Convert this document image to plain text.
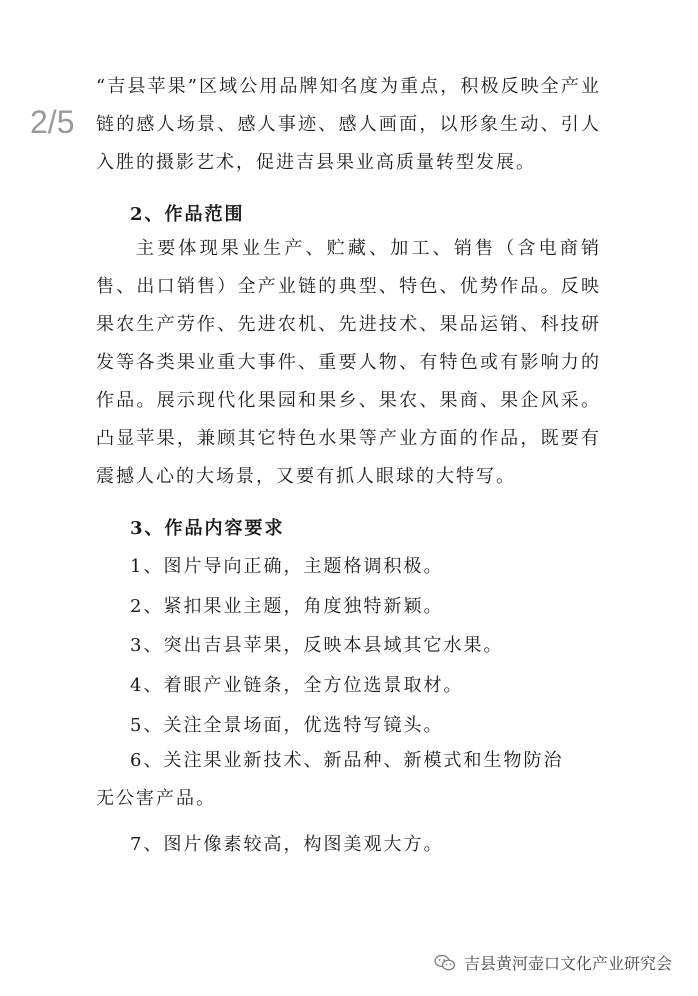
2/5

“吉县苹果”区域公用品牌知名度为重点，积极反映全产业链的感人场景、感人事迹、感人画面，以形象生动、引人入胜的摄影艺术，促进吉县果业高质量转型发展。

2、作品范围

主要体现果业生产、贮藏、加工、销售（含电商销售、出口销售）全产业链的典型、特色、优势作品。反映果农生产劳作、先进农机、先进技术、果品运销、科技研发等各类果业重大事件、重要人物、有特色或有影响力的作品。展示现代化果园和果乡、果农、果商、果企风采。凸显苹果，兼顾其它特色水果等产业方面的作品，既要有震撼人心的大场景，又要有抓人眼球的大特写。

3、作品内容要求

1、图片导向正确，主题格调积极。

2、紧扣果业主题，角度独特新颖。

3、突出吉县苹果，反映本县域其它水果。

4、着眼产业链条，全方位选景取材。

5、关注全景场面，优选特写镜头。

6、关注果业新技术、新品种、新模式和生物防治无公害产品。

7、图片像素较高，构图美观大方。

吉县黄河壶口文化产业研究会
